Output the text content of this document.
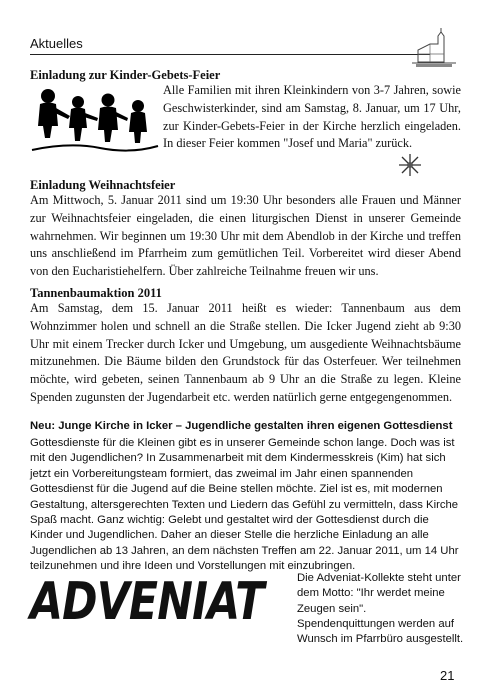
Aktuelles
Einladung zur Kinder-Gebets-Feier

Alle Familien mit ihren Kleinkindern von 3-7 Jahren, sowie Geschwisterkinder, sind am Samstag, 8. Januar, um 17 Uhr, zur Kinder-Gebets-Feier in der Kirche herzlich eingeladen. In dieser Feier kommen "Josef und Maria" zurück.

Einladung Weihnachtsfeier

Am Mittwoch, 5. Januar 2011 sind um 19:30 Uhr besonders alle Frauen und Männer zur Weihnachtsfeier eingeladen, die einen liturgischen Dienst in unserer Gemeinde wahrnehmen. Wir beginnen um 19:30 Uhr mit dem Abendlob in der Kirche und treffen uns anschließend im Pfarrheim zum gemütlichen Teil. Vorbereitet wird dieser Abend von den Eucharistiehelfern. Über zahlreiche Teilnahme freuen wir uns.

Tannenbaumaktion 2011

Am Samstag, dem 15. Januar 2011 heißt es wieder: Tannenbaum aus dem Wohnzimmer holen und schnell an die Straße stellen. Die Icker Jugend zieht ab 9:30 Uhr mit einem Trecker durch Icker und Umgebung, um ausgediente Weihnachtsbäume mitzunehmen. Die Bäume bilden den Grundstock für das Osterfeuer. Wer teilnehmen möchte, wird gebeten, seinen Tannenbaum ab 9 Uhr an die Straße zu legen. Kleine Spenden zugunsten der Jugendarbeit etc. werden natürlich gerne entgegengenommen.

Neu: Junge Kirche in Icker – Jugendliche gestalten ihren eigenen Gottesdienst

Gottesdienste für die Kleinen gibt es in unserer Gemeinde schon lange. Doch was ist mit den Jugendlichen? In Zusammenarbeit mit dem Kindermesskreis (Kim) hat sich jetzt ein Vorbereitungsteam formiert, das zweimal im Jahr einen spannenden Gottesdienst für die Jugend auf die Beine stellen möchte. Ziel ist es, mit modernen Gestaltung, altersgerechten Texten und Liedern das Gefühl zu vermitteln, dass Kirche Spaß macht. Ganz wichtig: Gelebt und gestaltet wird der Gottesdienst durch die Kinder und Jugendlichen. Daher an dieser Stelle die herzliche Einladung an alle Jugendlichen ab 13 Jahren, an dem nächsten Treffen am 22. Januar 2011, um 14 Uhr teilzunehmen und ihre Ideen und Vorstellungen mit einzubringen.

ADVENIAT	Die Adveniat-Kollekte steht unter dem Motto: "Ihr werdet meine Zeugen sein". Spendenquittungen werden auf Wunsch im Pfarrbüro ausgestellt.

21
